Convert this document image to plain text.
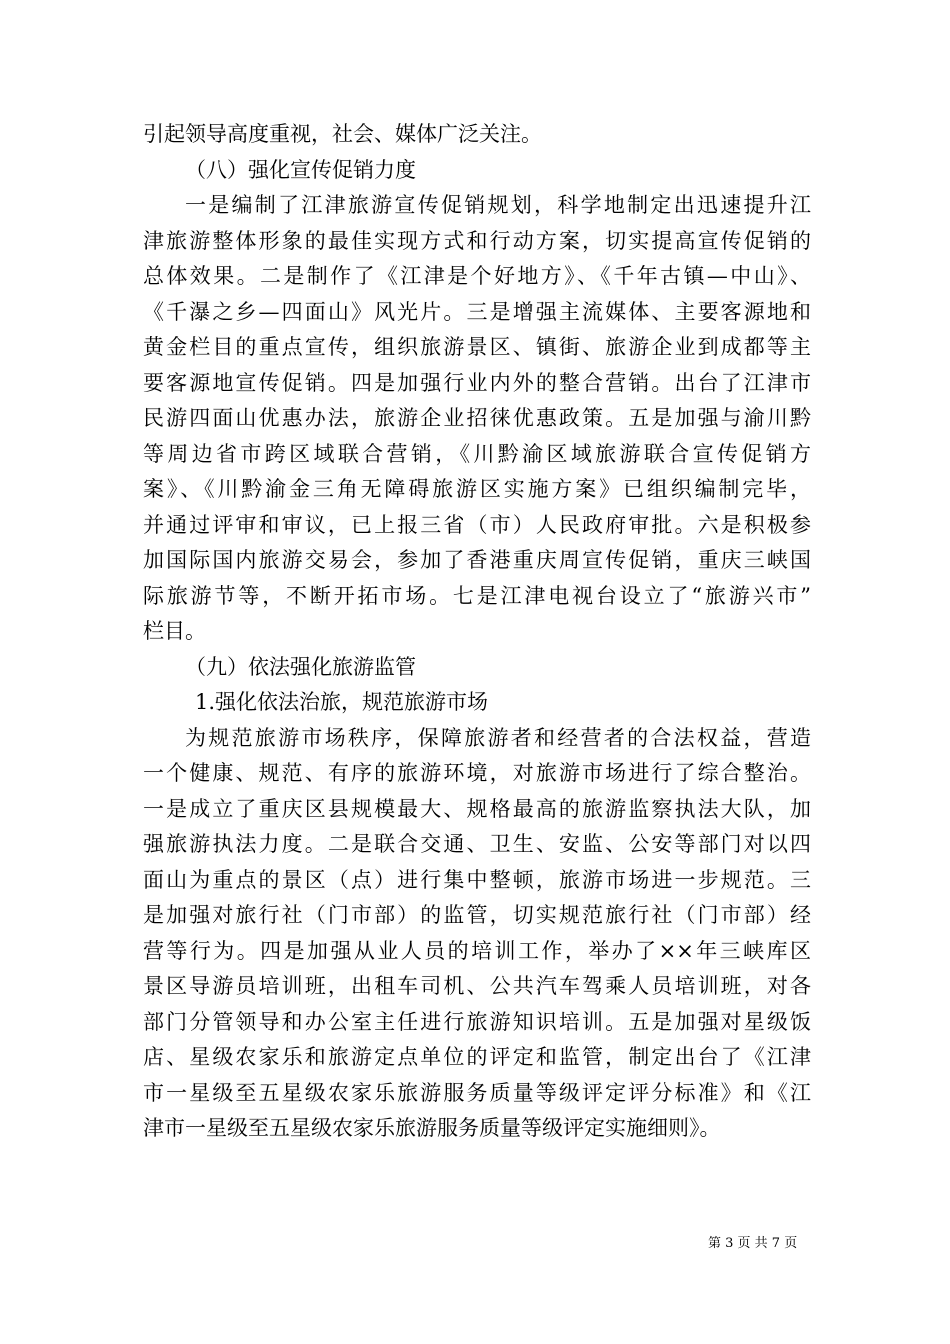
引起领导高度重视，社会、媒体广泛关注。
（八）强化宣传促销力度
一是编制了江津旅游宣传促销规划，科学地制定出迅速提升江
津旅游整体形象的最佳实现方式和行动方案，切实提高宣传促销的
总体效果。二是制作了《江津是个好地方》、《千年古镇—中山》、
《千瀑之乡—四面山》风光片。三是增强主流媒体、主要客源地和
黄金栏目的重点宣传，组织旅游景区、镇街、旅游企业到成都等主
要客源地宣传促销。四是加强行业内外的整合营销。出台了江津市
民游四面山优惠办法，旅游企业招徕优惠政策。五是加强与渝川黔
等周边省市跨区域联合营销，《川黔渝区域旅游联合宣传促销方
案》、《川黔渝金三角无障碍旅游区实施方案》已组织编制完毕，
并通过评审和审议，已上报三省（市）人民政府审批。六是积极参
加国际国内旅游交易会，参加了香港重庆周宣传促销，重庆三峡国
际旅游节等，不断开拓市场。七是江津电视台设立了“旅游兴市”
栏目。
（九）依法强化旅游监管
1.强化依法治旅，规范旅游市场
为规范旅游市场秩序，保障旅游者和经营者的合法权益，营造
一个健康、规范、有序的旅游环境，对旅游市场进行了综合整治。
一是成立了重庆区县规模最大、规格最高的旅游监察执法大队，加
强旅游执法力度。二是联合交通、卫生、安监、公安等部门对以四
面山为重点的景区（点）进行集中整顿，旅游市场进一步规范。三
是加强对旅行社（门市部）的监管，切实规范旅行社（门市部）经
营等行为。四是加强从业人员的培训工作，举办了××年三峡库区
景区导游员培训班，出租车司机、公共汽车驾乘人员培训班，对各
部门分管领导和办公室主任进行旅游知识培训。五是加强对星级饭
店、星级农家乐和旅游定点单位的评定和监管，制定出台了《江津
市一星级至五星级农家乐旅游服务质量等级评定评分标准》和《江
津市一星级至五星级农家乐旅游服务质量等级评定实施细则》。
第 3 页 共 7 页
